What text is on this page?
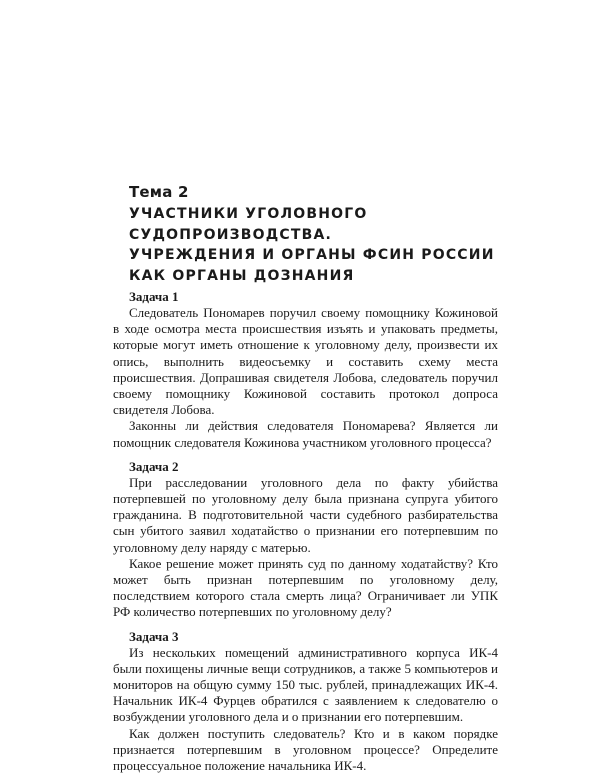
Тема 2
УЧАСТНИКИ УГОЛОВНОГО
СУДОПРОИЗВОДСТВА.
УЧРЕЖДЕНИЯ И ОРГАНЫ ФСИН РОССИИ
КАК ОРГАНЫ ДОЗНАНИЯ
Задача 1

Следователь Пономарев поручил своему помощнику Кожиновой в ходе осмотра места происшествия изъять и упаковать предметы, которые могут иметь отношение к уголовному делу, произвести их опись, выполнить видеосъемку и составить схему места происшествия. Допрашивая свидетеля Лобова, следователь поручил своему помощнику Кожиновой составить протокол допроса свидетеля Лобова.

Законны ли действия следователя Пономарева? Является ли помощник следователя Кожинова участником уголовного процесса?

Задача 2

При расследовании уголовного дела по факту убийства потерпевшей по уголовному делу была признана супруга убитого гражданина. В подготовительной части судебного разбирательства сын убитого заявил ходатайство о признании его потерпевшим по уголовному делу наряду с матерью.

Какое решение может принять суд по данному ходатайству? Кто может быть признан потерпевшим по уголовному делу, последствием которого стала смерть лица? Ограничивает ли УПК РФ количество потерпевших по уголовному делу?

Задача 3

Из нескольких помещений административного корпуса ИК-4 были похищены личные вещи сотрудников, а также 5 компьютеров и мониторов на общую сумму 150 тыс. рублей, принадлежащих ИК-4. Начальник ИК-4 Фурцев обратился с заявлением к следователю о возбуждении уголовного дела и о признании его потерпевшим.

Как должен поступить следователь? Кто и в каком порядке признается потерпевшим в уголовном процессе? Определите процессуальное положение начальника ИК-4.
